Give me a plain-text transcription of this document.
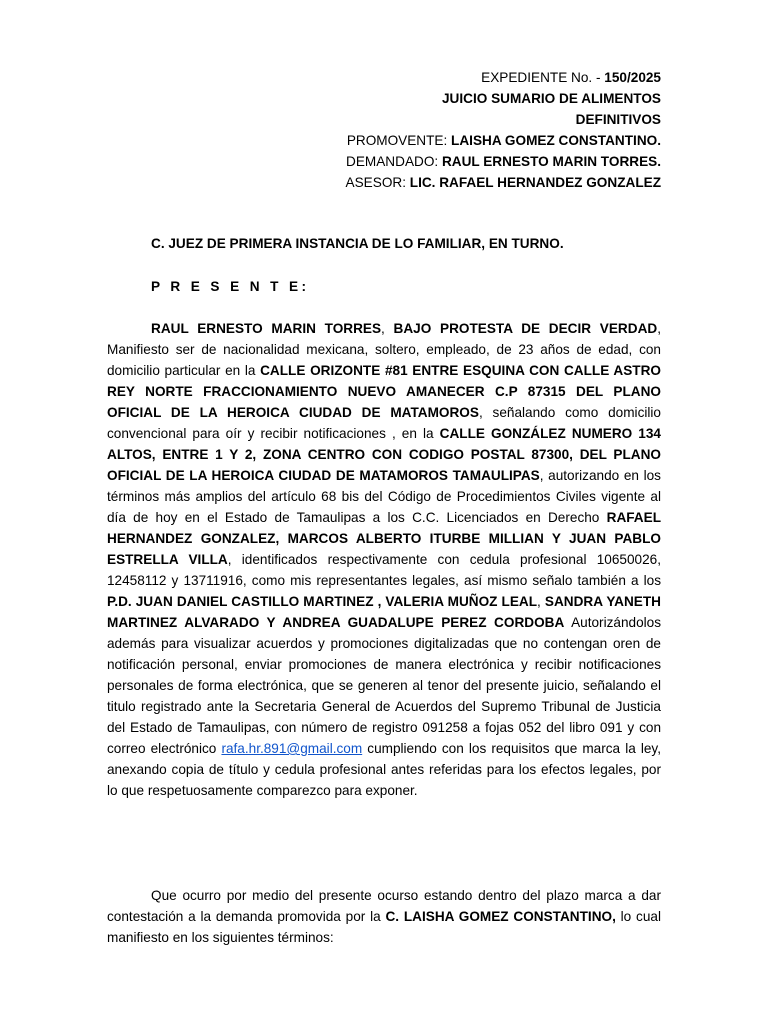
EXPEDIENTE No. - 150/2025
JUICIO SUMARIO DE ALIMENTOS
DEFINITIVOS
PROMOVENTE: LAISHA GOMEZ CONSTANTINO.
DEMANDADO: RAUL ERNESTO MARIN TORRES.
ASESOR: LIC. RAFAEL HERNANDEZ GONZALEZ
C. JUEZ DE PRIMERA INSTANCIA DE LO FAMILIAR, EN TURNO.
P R E S E N T E:
RAUL ERNESTO MARIN TORRES, BAJO PROTESTA DE DECIR VERDAD, Manifiesto ser de nacionalidad mexicana, soltero, empleado, de 23 años de edad, con domicilio particular en la CALLE ORIZONTE #81 ENTRE ESQUINA CON CALLE ASTRO REY NORTE FRACCIONAMIENTO NUEVO AMANECER C.P 87315 DEL PLANO OFICIAL DE LA HEROICA CIUDAD DE MATAMOROS, señalando como domicilio convencional para oír y recibir notificaciones , en la CALLE GONZÁLEZ NUMERO 134 ALTOS, ENTRE 1 Y 2, ZONA CENTRO CON CODIGO POSTAL 87300, DEL PLANO OFICIAL DE LA HEROICA CIUDAD DE MATAMOROS TAMAULIPAS, autorizando en los términos más amplios del artículo 68 bis del Código de Procedimientos Civiles vigente al día de hoy en el Estado de Tamaulipas a los C.C. Licenciados en Derecho RAFAEL HERNANDEZ GONZALEZ, MARCOS ALBERTO ITURBE MILLIAN Y JUAN PABLO ESTRELLA VILLA, identificados respectivamente con cedula profesional 10650026, 12458112 y 13711916, como mis representantes legales, así mismo señalo también a los P.D. JUAN DANIEL CASTILLO MARTINEZ , VALERIA MUÑOZ LEAL, SANDRA YANETH MARTINEZ ALVARADO Y ANDREA GUADALUPE PEREZ CORDOBA Autorizándolos además para visualizar acuerdos y promociones digitalizadas que no contengan oren de notificación personal, enviar promociones de manera electrónica y recibir notificaciones personales de forma electrónica, que se generen al tenor del presente juicio, señalando el titulo registrado ante la Secretaria General de Acuerdos del Supremo Tribunal de Justicia del Estado de Tamaulipas, con número de registro 091258 a fojas 052 del libro 091 y con correo electrónico rafa.hr.891@gmail.com cumpliendo con los requisitos que marca la ley, anexando copia de título y cedula profesional antes referidas para los efectos legales, por lo que respetuosamente comparezco para exponer.
Que ocurro por medio del presente ocurso estando dentro del plazo marca a dar contestación a la demanda promovida por la C. LAISHA GOMEZ CONSTANTINO, lo cual manifiesto en los siguientes términos:
